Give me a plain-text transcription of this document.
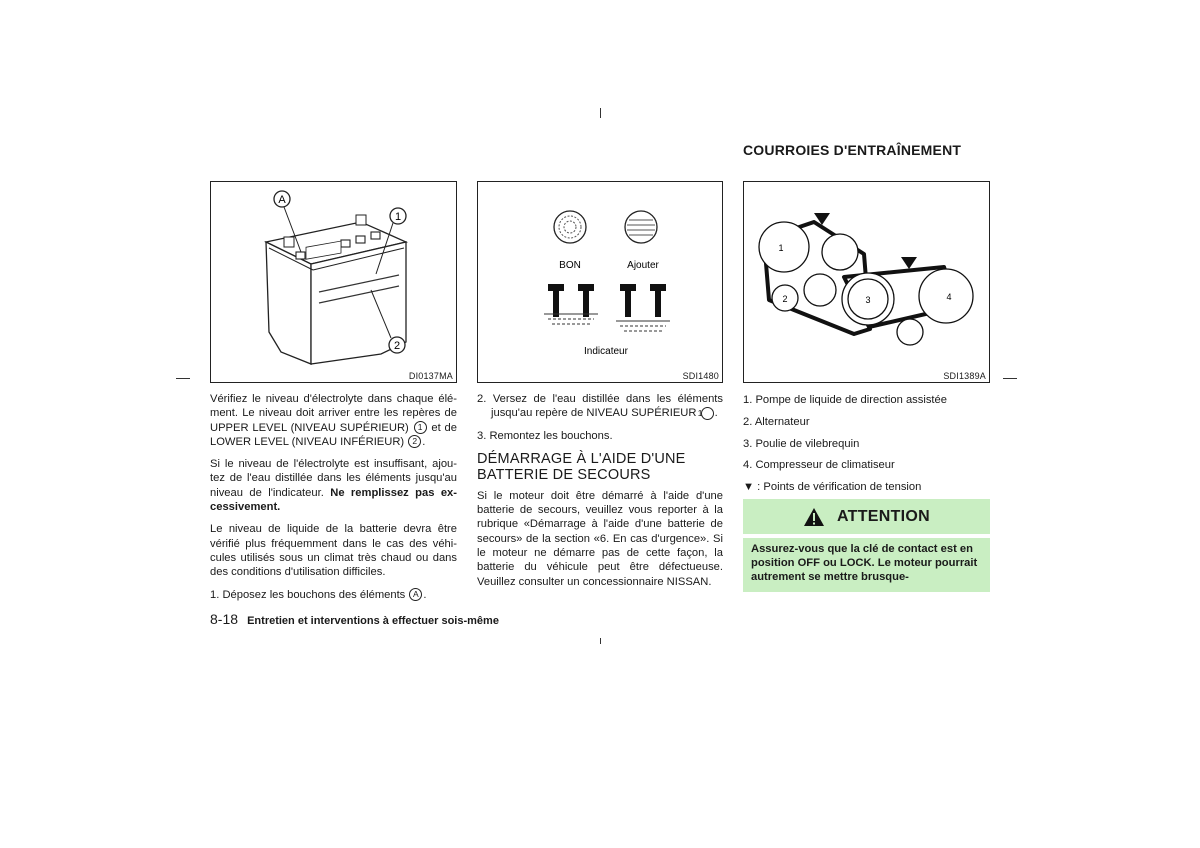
COURROIES D'ENTRAÎNEMENT
A
1
2
DI0137MA
BON	Ajouter
Indicateur
SDI1480
1
2	3	4
SDI1389A

Vérifiez le niveau d'électrolyte dans chaque élé-ment. Le niveau doit arriver entre les repères de UPPER LEVEL (NIVEAU SUPÉRIEUR) 1 et de LOWER LEVEL (NIVEAU INFÉRIEUR) 2 .

Si le niveau de l'électrolyte est insuffisant, ajou-tez de l'eau distillée dans les éléments jusqu'au niveau de l'indicateur. Ne remplissez pas ex-cessivement.

Le niveau de liquide de la batterie devra être vérifié plus fréquemment dans le cas des véhi-cules utilisés sous un climat très chaud ou dans des conditions d'utilisation difficiles.

1. Déposez les bouchons des éléments A .

2. Versez de l'eau distillée dans les éléments jusqu'au repère de NIVEAU SUPÉRIEUR 1 .

3. Remontez les bouchons.

DÉMARRAGE À L'AIDE D'UNE BATTERIE DE SECOURS

Si le moteur doit être démarré à l'aide d'une batterie de secours, veuillez vous reporter à la rubrique «Démarrage à l'aide d'une batterie de secours» de la section «6. En cas d'urgence». Si le moteur ne démarre pas de cette façon, la batterie du véhicule peut être défectueuse. Veuillez consulter un concessionnaire NISSAN.

1. Pompe de liquide de direction assistée
2. Alternateur
3. Poulie de vilebrequin
4. Compresseur de climatiseur
▼ : Points de vérification de tension
ATTENTION
Assurez-vous que la clé de contact est en position OFF ou LOCK. Le moteur pourrait autrement se mettre brusque-
8-18 Entretien et interventions à effectuer sois-même
